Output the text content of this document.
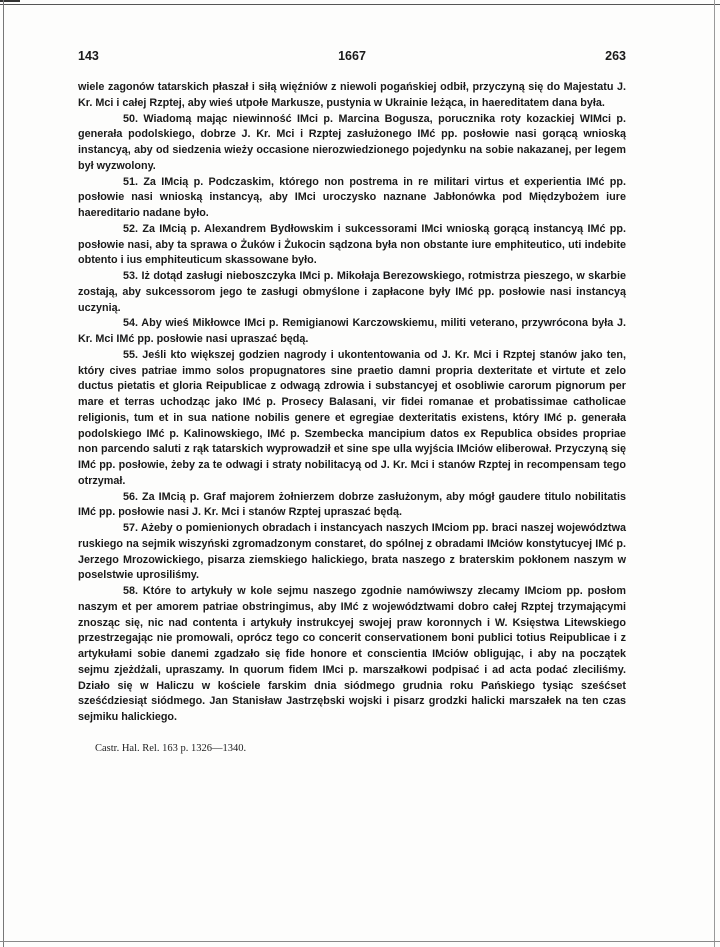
1667
143	263

wiele zagonów tatarskich płaszał i siłą więźniów z niewoli pogańskiej odbił, przyczyną się do Majestatu J. Kr. Mci i całej Rzptej, aby wieś utpołe Markusze, pustynia w Ukrainie leżąca, in haereditatem dana była.

50. Wiadomą mając niewinność IMci p. Marcina Bogusza, porucznika roty kozackiej WIMci p. generała podolskiego, dobrze J. Kr. Mci i Rzptej zasłużonego IMć pp. posłowie nasi gorącą wnioską instancyą, aby od siedzenia wieży occasione nierozwiedzionego pojedynku na sobie nakazanej, per legem był wyzwolony.

51. Za IMcią p. Podczaskim, którego non postrema in re militari virtus et experientia IMć pp. posłowie nasi wnioską instancyą, aby IMci uroczysko naznane Jabłonówka pod Międzybożem iure haereditario nadane było.

52. Za IMcią p. Alexandrem Bydłowskim i sukcessorami IMci wnioską gorącą instancyą IMć pp. posłowie nasi, aby ta sprawa o Żuków i Żukocin sądzona była non obstante iure emphiteutico, uti indebite obtento i ius emphiteuticum skassowane było.

53. Iż dotąd zasługi nieboszczyka IMci p. Mikołaja Berezowskiego, rotmistrza pieszego, w skarbie zostają, aby sukcessorom jego te zasługi obmyślone i zapłacone były IMć pp. posłowie nasi instancyą uczynią.

54. Aby wieś Mikłowce IMci p. Remigianowi Karczowskiemu, militi veterano, przywrócona była J. Kr. Mci IMć pp. posłowie nasi upraszać będą.

55. Jeśli kto większej godzien nagrody i ukontentowania od J. Kr. Mci i Rzptej stanów jako ten, który cives patriae immo solos propugnatores sine praetio damni propria dexteritate et virtute et zelo ductus pietatis et gloria Reipublicae z odwagą zdrowia i substancyej et osobliwie carorum pignorum per mare et terras uchodząc jako IMć p. Prosecy Balasani, vir fidei romanae et probatissimae catholicae religionis, tum et in sua natione nobilis genere et egregiae dexteritatis existens, który IMć p. generała podolskiego IMć p. Kalinowskiego, IMć p. Szembecka mancipium datos ex Republica obsides propriae non parcendo saluti z rąk tatarskich wyprowadził et sine spe ulla wyjścia IMciów eliberował. Przyczyną się IMć pp. posłowie, żeby za te odwagi i straty nobilitacyą od J. Kr. Mci i stanów Rzptej in recompensam tego otrzymał.

56. Za IMcią p. Graf majorem żołnierzem dobrze zasłużonym, aby mógł gaudere titulo nobilitatis IMć pp. posłowie nasi J. Kr. Mci i stanów Rzptej upraszać będą.

57. Ażeby o pomienionych obradach i instancyach naszych IMciom pp. braci naszej województwa ruskiego na sejmik wiszyński zgromadzonym constaret, do spólnej z obradami IMciów konstytucyej IMć p. Jerzego Mrozowickiego, pisarza ziemskiego halickiego, brata naszego z braterskim pokłonem naszym w poselstwie uprosiliśmy.

58. Które to artykuły w kole sejmu naszego zgodnie namówiwszy zlecamy IMciom pp. posłom naszym et per amorem patriae obstringimus, aby IMć z województwami dobro całej Rzptej trzymającymi znosząc się, nic nad contenta i artykuły instrukcyej swojej praw koronnych i W. Księstwa Litewskiego przestrzegając nie promowali, oprócz tego co concerit conservationem boni publici totius Reipublicae i z artykułami sobie danemi zgadzało się fide honore et conscientia IMciów obligując, i aby na początek sejmu zjeżdżali, upraszamy. In quorum fidem IMci p. marszałkowi podpisać i ad acta podać zleciliśmy. Działo się w Haliczu w kościele farskim dnia siódmego grudnia roku Pańskiego tysiąc sześćset sześćdziesiąt siódmego. Jan Stanisław Jastrzębski wojski i pisarz grodzki halicki marszałek na ten czas sejmiku halickiego.

Castr. Hal. Rel. 163 p. 1326—1340.
